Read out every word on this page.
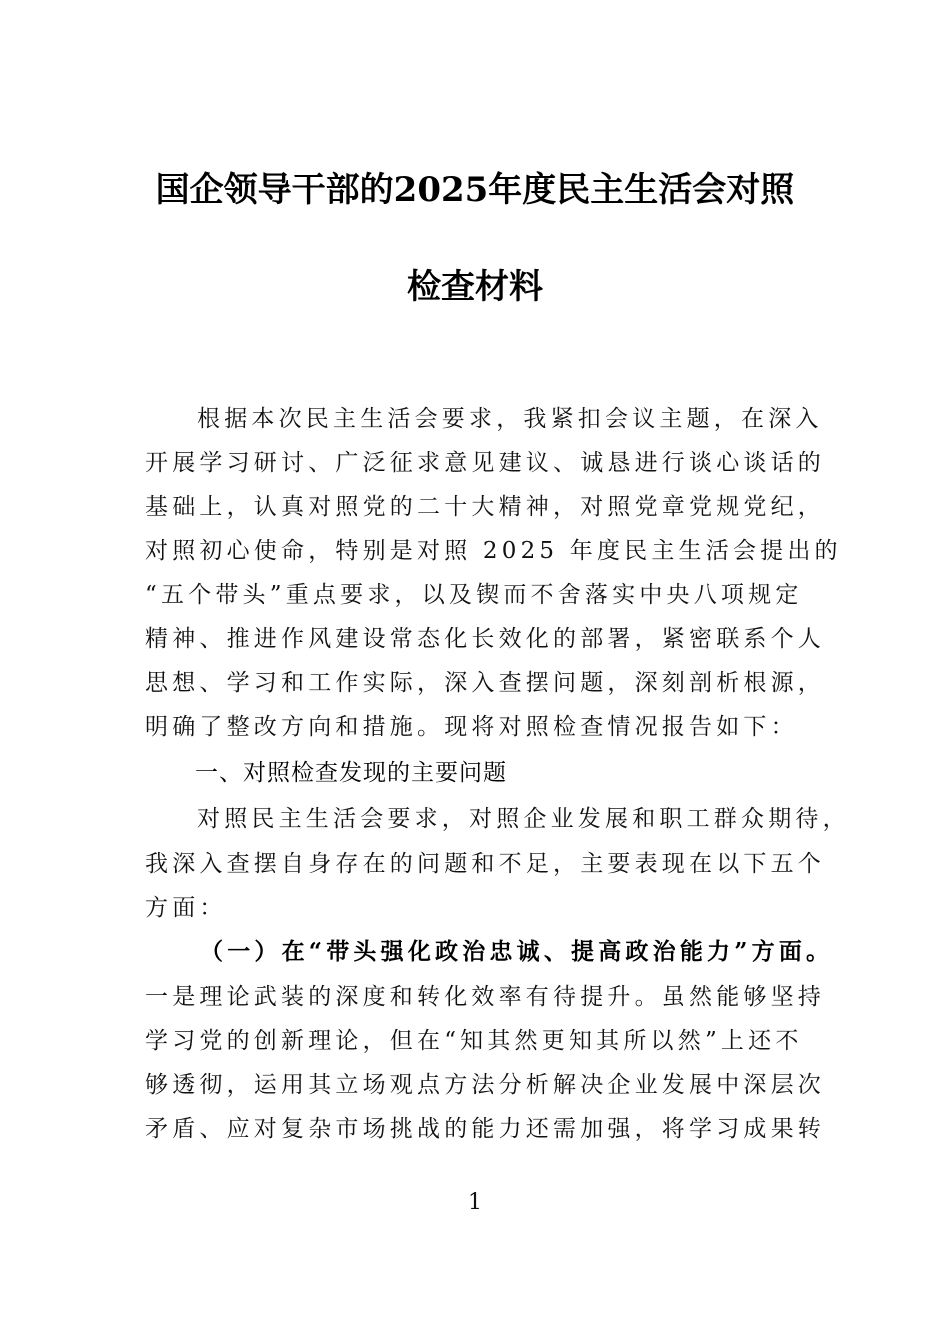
国企领导干部的2025年度民主生活会对照
检查材料
根据本次民主生活会要求，我紧扣会议主题，在深入
开展学习研讨、广泛征求意见建议、诚恳进行谈心谈话的
基础上，认真对照党的二十大精神，对照党章党规党纪，
对照初心使命，特别是对照 2025 年度民主生活会提出的
“五个带头”重点要求，以及锲而不舍落实中央八项规定
精神、推进作风建设常态化长效化的部署，紧密联系个人
思想、学习和工作实际，深入查摆问题，深刻剖析根源，
明确了整改方向和措施。现将对照检查情况报告如下：
一、对照检查发现的主要问题
对照民主生活会要求，对照企业发展和职工群众期待，
我深入查摆自身存在的问题和不足，主要表现在以下五个
方面：
（一）在“带头强化政治忠诚、提高政治能力”方面。
一是理论武装的深度和转化效率有待提升。虽然能够坚持
学习党的创新理论，但在“知其然更知其所以然”上还不
够透彻，运用其立场观点方法分析解决企业发展中深层次
矛盾、应对复杂市场挑战的能力还需加强，将学习成果转
1
